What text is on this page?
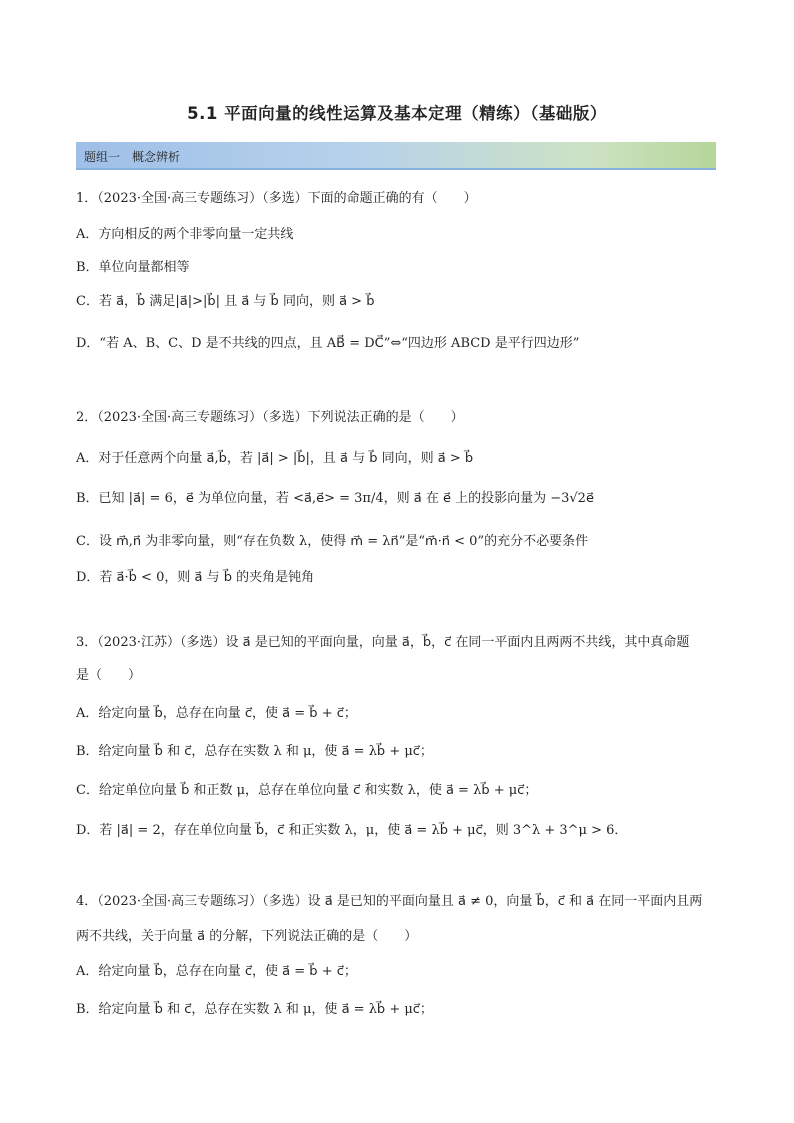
5.1 平面向量的线性运算及基本定理（精练）（基础版）
题组一　概念辨析
1．（2023·全国·高三专题练习）（多选）下面的命题正确的有（　　）
A．方向相反的两个非零向量一定共线
B．单位向量都相等
C．若 a⃗，b⃗ 满足|a⃗|>|b⃗| 且 a⃗ 与 b⃗ 同向，则 a⃗ > b⃗
D．“若 A、B、C、D 是不共线的四点，且 AB⃗ = DC⃗”⇔“四边形 ABCD 是平行四边形”
2．（2023·全国·高三专题练习）（多选）下列说法正确的是（　　）
A．对于任意两个向量 a⃗,b⃗，若 |a⃗| > |b⃗|，且 a⃗ 与 b⃗ 同向，则 a⃗ > b⃗
B．已知 |a⃗| = 6，e⃗ 为单位向量，若 <a⃗,e⃗> = 3π/4，则 a⃗ 在 e⃗ 上的投影向量为 −3√2e⃗
C．设 m⃗,n⃗ 为非零向量，则“存在负数 λ，使得 m⃗ = λn⃗”是“m⃗·n⃗ < 0”的充分不必要条件
D．若 a⃗·b⃗ < 0，则 a⃗ 与 b⃗ 的夹角是钝角
3．（2023·江苏）（多选）设 a⃗ 是已知的平面向量，向量 a⃗，b⃗，c⃗ 在同一平面内且两两不共线，其中真命题
是（　　）
A．给定向量 b⃗，总存在向量 c⃗，使 a⃗ = b⃗ + c⃗；
B．给定向量 b⃗ 和 c⃗，总存在实数 λ 和 μ，使 a⃗ = λb⃗ + μc⃗；
C．给定单位向量 b⃗ 和正数 μ，总存在单位向量 c⃗ 和实数 λ，使 a⃗ = λb⃗ + μc⃗；
D．若 |a⃗| = 2，存在单位向量 b⃗，c⃗ 和正实数 λ，μ，使 a⃗ = λb⃗ + μc⃗，则 3^λ + 3^μ > 6．
4．（2023·全国·高三专题练习）（多选）设 a⃗ 是已知的平面向量且 a⃗ ≠ 0，向量 b⃗，c⃗ 和 a⃗ 在同一平面内且两
两不共线，关于向量 a⃗ 的分解，下列说法正确的是（　　）
A．给定向量 b⃗，总存在向量 c⃗，使 a⃗ = b⃗ + c⃗；
B．给定向量 b⃗ 和 c⃗，总存在实数 λ 和 μ，使 a⃗ = λb⃗ + μc⃗；
